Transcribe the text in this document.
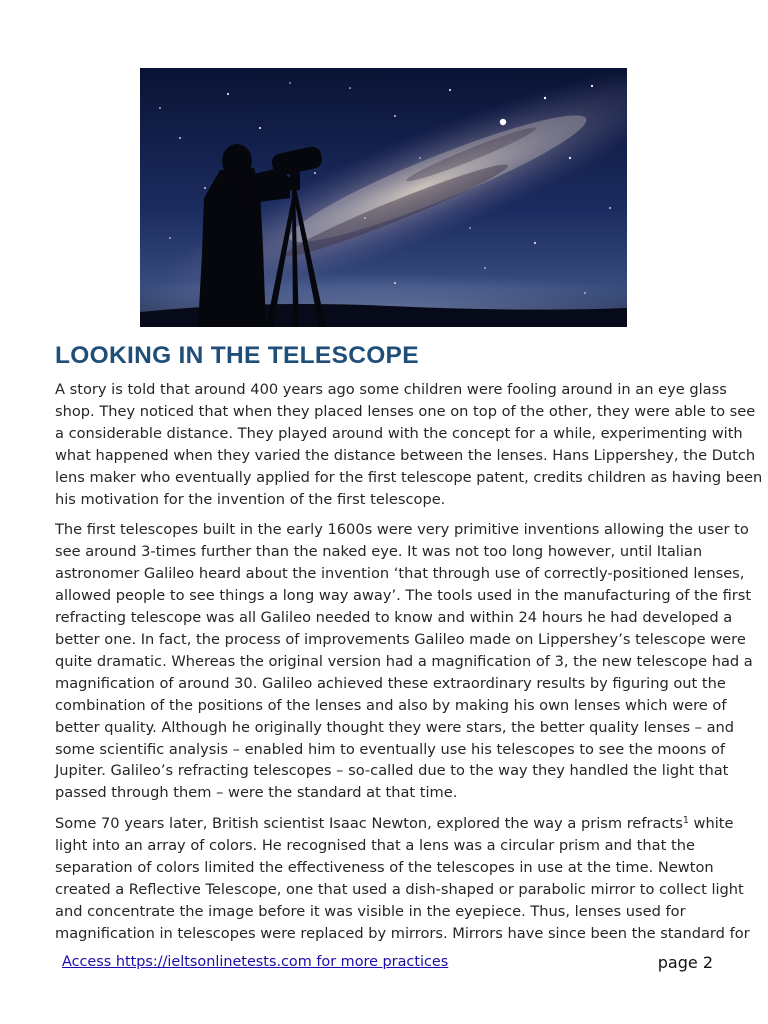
LOOKING IN THE TELESCOPE

A story is told that around 400 years ago some children were fooling around in an eye glass
shop. They noticed that when they placed lenses one on top of the other, they were able to see
a considerable distance. They played around with the concept for a while, experimenting with
what happened when they varied the distance between the lenses. Hans Lippershey, the Dutch
lens maker who eventually applied for the first telescope patent, credits children as having been
his motivation for the invention of the first telescope.

The first telescopes built in the early 1600s were very primitive inventions allowing the user to
see around 3-times further than the naked eye. It was not too long however, until Italian
astronomer Galileo heard about the invention ‘that through use of correctly-positioned lenses,
allowed people to see things a long way away’. The tools used in the manufacturing of the first
refracting telescope was all Galileo needed to know and within 24 hours he had developed a
better one. In fact, the process of improvements Galileo made on Lippershey’s telescope were
quite dramatic. Whereas the original version had a magnification of 3, the new telescope had a
magnification of around 30. Galileo achieved these extraordinary results by figuring out the
combination of the positions of the lenses and also by making his own lenses which were of
better quality. Although he originally thought they were stars, the better quality lenses – and
some scientific analysis – enabled him to eventually use his telescopes to see the moons of
Jupiter. Galileo’s refracting telescopes – so-called due to the way they handled the light that
passed through them – were the standard at that time.

Some 70 years later, British scientist Isaac Newton, explored the way a prism refracts$^1$ white
light into an array of colors. He recognised that a lens was a circular prism and that the
separation of colors limited the effectiveness of the telescopes in use at the time. Newton
created a Reflective Telescope, one that used a dish-shaped or parabolic mirror to collect light
and concentrate the image before it was visible in the eyepiece. Thus, lenses used for
magnification in telescopes were replaced by mirrors. Mirrors have since been the standard for

Access https://ieltsonlinetests.com for more practices	page 2
